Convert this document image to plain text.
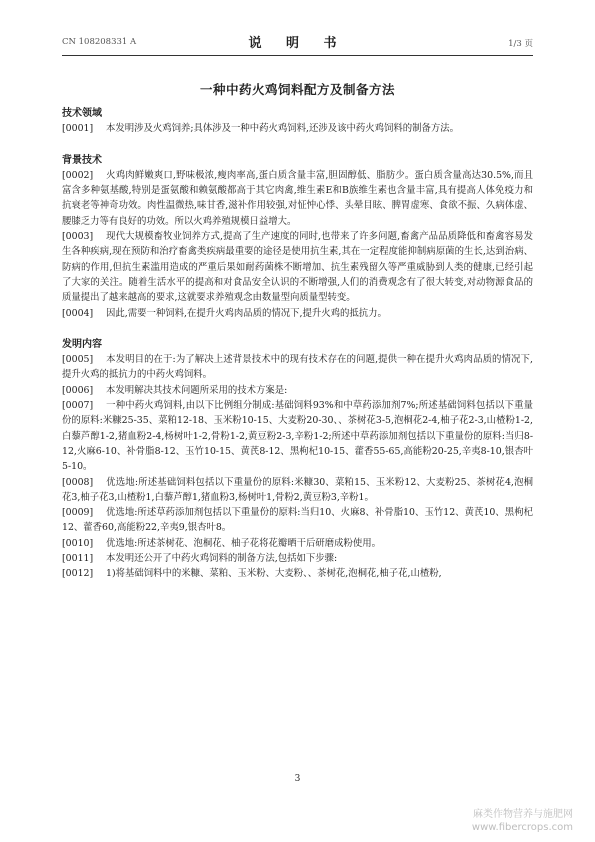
CN 108208331 A	说 明 书	1/3 页
一种中药火鸡饲料配方及制备方法
技术领域
[0001] 本发明涉及火鸡饲养;具体涉及一种中药火鸡饲料,还涉及该中药火鸡饲料的制备方法。
背景技术
[0002] 火鸡肉鲜嫩爽口,野味极浓,瘦肉率高,蛋白质含量丰富,胆固醇低、脂肪少。蛋白质含量高达30.5%,而且富含多种氨基酸,特别是蛋氨酸和赖氨酸都高于其它肉禽,维生素E和B族维生素也含量丰富,具有提高人体免疫力和抗衰老等神奇功效。肉性温微热,味甘香,滋补作用较强,对怔忡心悸、头晕目眩、脾胃虚寒、食欲不振、久病体虚、腰膝乏力等有良好的功效。所以火鸡养殖规模日益增大。
[0003] 现代大规模畜牧业饲养方式,提高了生产速度的同时,也带来了许多问题,畜禽产品品质降低和畜禽容易发生各种疾病,现在预防和治疗畜禽类疾病最重要的途径是使用抗生素,其在一定程度能抑制病原菌的生长,达到治病、防病的作用,但抗生素滥用造成的严重后果如耐药菌株不断增加、抗生素残留久等严重威胁到人类的健康,已经引起了大家的关注。随着生活水平的提高和对食品安全认识的不断增强,人们的消费观念有了很大转变,对动物源食品的质量提出了越来越高的要求,这就要求养殖观念由数量型向质量型转变。
[0004] 因此,需要一种饲料,在提升火鸡肉品质的情况下,提升火鸡的抵抗力。
发明内容
[0005] 本发明目的在于:为了解决上述背景技术中的现有技术存在的问题,提供一种在提升火鸡肉品质的情况下,提升火鸡的抵抗力的中药火鸡饲料。
[0006] 本发明解决其技术问题所采用的技术方案是:
[0007] 一种中药火鸡饲料,由以下比例组分制成:基础饲料93%和中草药添加剂7%;所述基础饲料包括以下重量份的原料:米糠25-35、菜粕12-18、玉米粉10-15、大麦粉20-30、、茶树花3-5,泡桐花2-4,柚子花2-3,山楂粉1-2,白藜芦醇1-2,猪血粉2-4,杨树叶1-2,骨粉1-2,黄豆粉2-3,辛粉1-2;所述中草药添加剂包括以下重量份的原料:当归8-12,火麻6-10、补骨脂8-12、玉竹10-15、黄芪8-12、黑枸杞10-15、藿香55-65,高能粉20-25,辛夷8-10,银杏叶5-10。
[0008] 优选地:所述基础饲料包括以下重量份的原料:米糠30、菜粕15、玉米粉12、大麦粉25、茶树花4,泡桐花3,柚子花3,山楂粉1,白藜芦醇1,猪血粉3,杨树叶1,骨粉2,黄豆粉3,辛粉1。
[0009] 优选地:所述草药添加剂包括以下重量份的原料:当归10、火麻8、补骨脂10、玉竹12、黄芪10、黑枸杞12、藿香60,高能粉22,辛夷9,银杏叶8。
[0010] 优选地:所述茶树花、泡桐花、柚子花将花瓣晒干后研磨成粉使用。
[0011] 本发明还公开了中药火鸡饲料的制备方法,包括如下步骤:
[0012] 1)将基础饲料中的米糠、菜粕、玉米粉、大麦粉、、茶树花,泡桐花,柚子花,山楂粉,
3
麻类作物营养与施肥网
www.fibercrops.com
